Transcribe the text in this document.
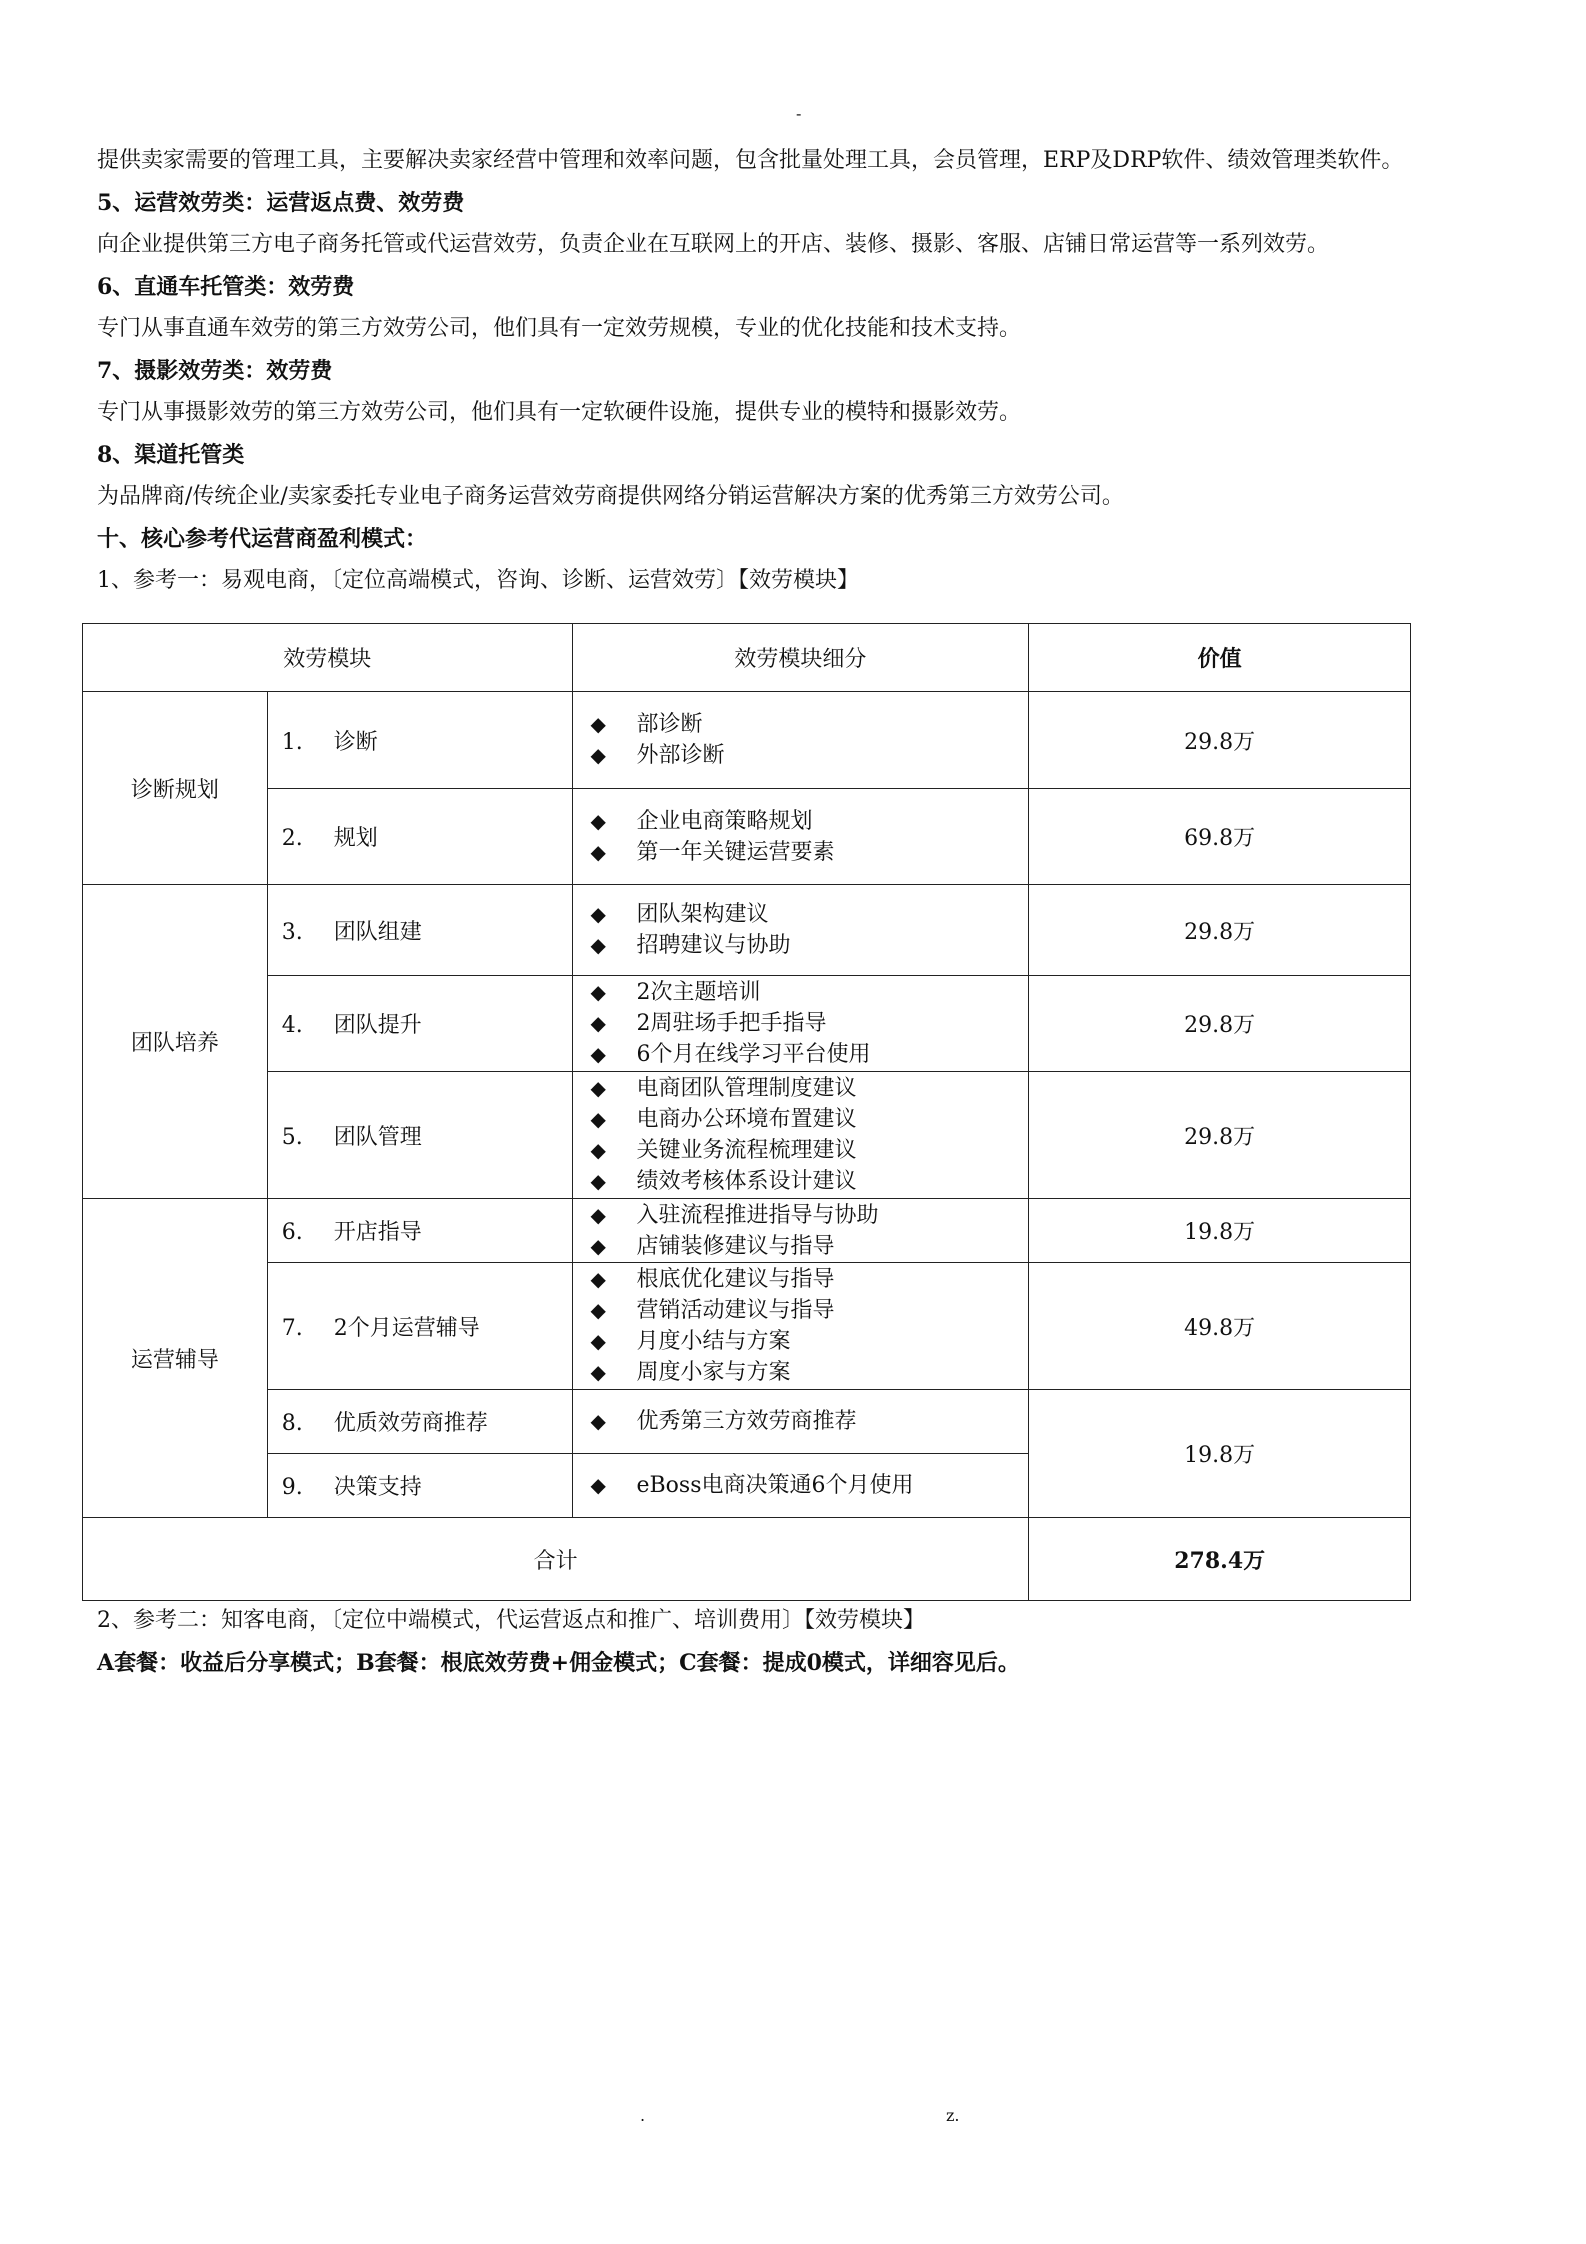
-
提供卖家需要的管理工具，主要解决卖家经营中管理和效率问题，包含批量处理工具，会员管理，ERP及DRP软件、绩效管理类软件。
5、运营效劳类：运营返点费、效劳费
向企业提供第三方电子商务托管或代运营效劳，负责企业在互联网上的开店、装修、摄影、客服、店铺日常运营等一系列效劳。
6、直通车托管类：效劳费
专门从事直通车效劳的第三方效劳公司，他们具有一定效劳规模，专业的优化技能和技术支持。
7、摄影效劳类：效劳费
专门从事摄影效劳的第三方效劳公司，他们具有一定软硬件设施，提供专业的模特和摄影效劳。
8、渠道托管类
为品牌商/传统企业/卖家委托专业电子商务运营效劳商提供网络分销运营解决方案的优秀第三方效劳公司。
十、核心参考代运营商盈利模式：
1、参考一：易观电商，〔定位高端模式，咨询、诊断、运营效劳〕【效劳模块】
效劳模块		效劳模块细分	价值
诊断规划	1. 诊断	◆ 部诊断
◆ 外部诊断	29.8万
	2. 规划	◆ 企业电商策略规划
◆ 第一年关键运营要素	69.8万
团队培养	3. 团队组建	◆ 团队架构建议
◆ 招聘建议与协助	29.8万
	4. 团队提升	◆ 2次主题培训
◆ 2周驻场手把手指导
◆ 6个月在线学习平台使用	29.8万
	5. 团队管理	◆ 电商团队管理制度建议
◆ 电商办公环境布置建议
◆ 关键业务流程梳理建议
◆ 绩效考核体系设计建议	29.8万
运营辅导	6. 开店指导	◆ 入驻流程推进指导与协助
◆ 店铺装修建议与指导	19.8万
	7. 2个月运营辅导	◆ 根底优化建议与指导
◆ 营销活动建议与指导
◆ 月度小结与方案
◆ 周度小家与方案	49.8万
	8. 优质效劳商推荐	◆ 优秀第三方效劳商推荐	19.8万
	9. 决策支持	◆ eBoss电商决策通6个月使用	

合计			278.4万
2、参考二：知客电商，〔定位中端模式，代运营返点和推广、培训费用〕【效劳模块】
A套餐：收益后分享模式；B套餐：根底效劳费+佣金模式；C套餐：提成0模式，详细容见后。
.	z.
